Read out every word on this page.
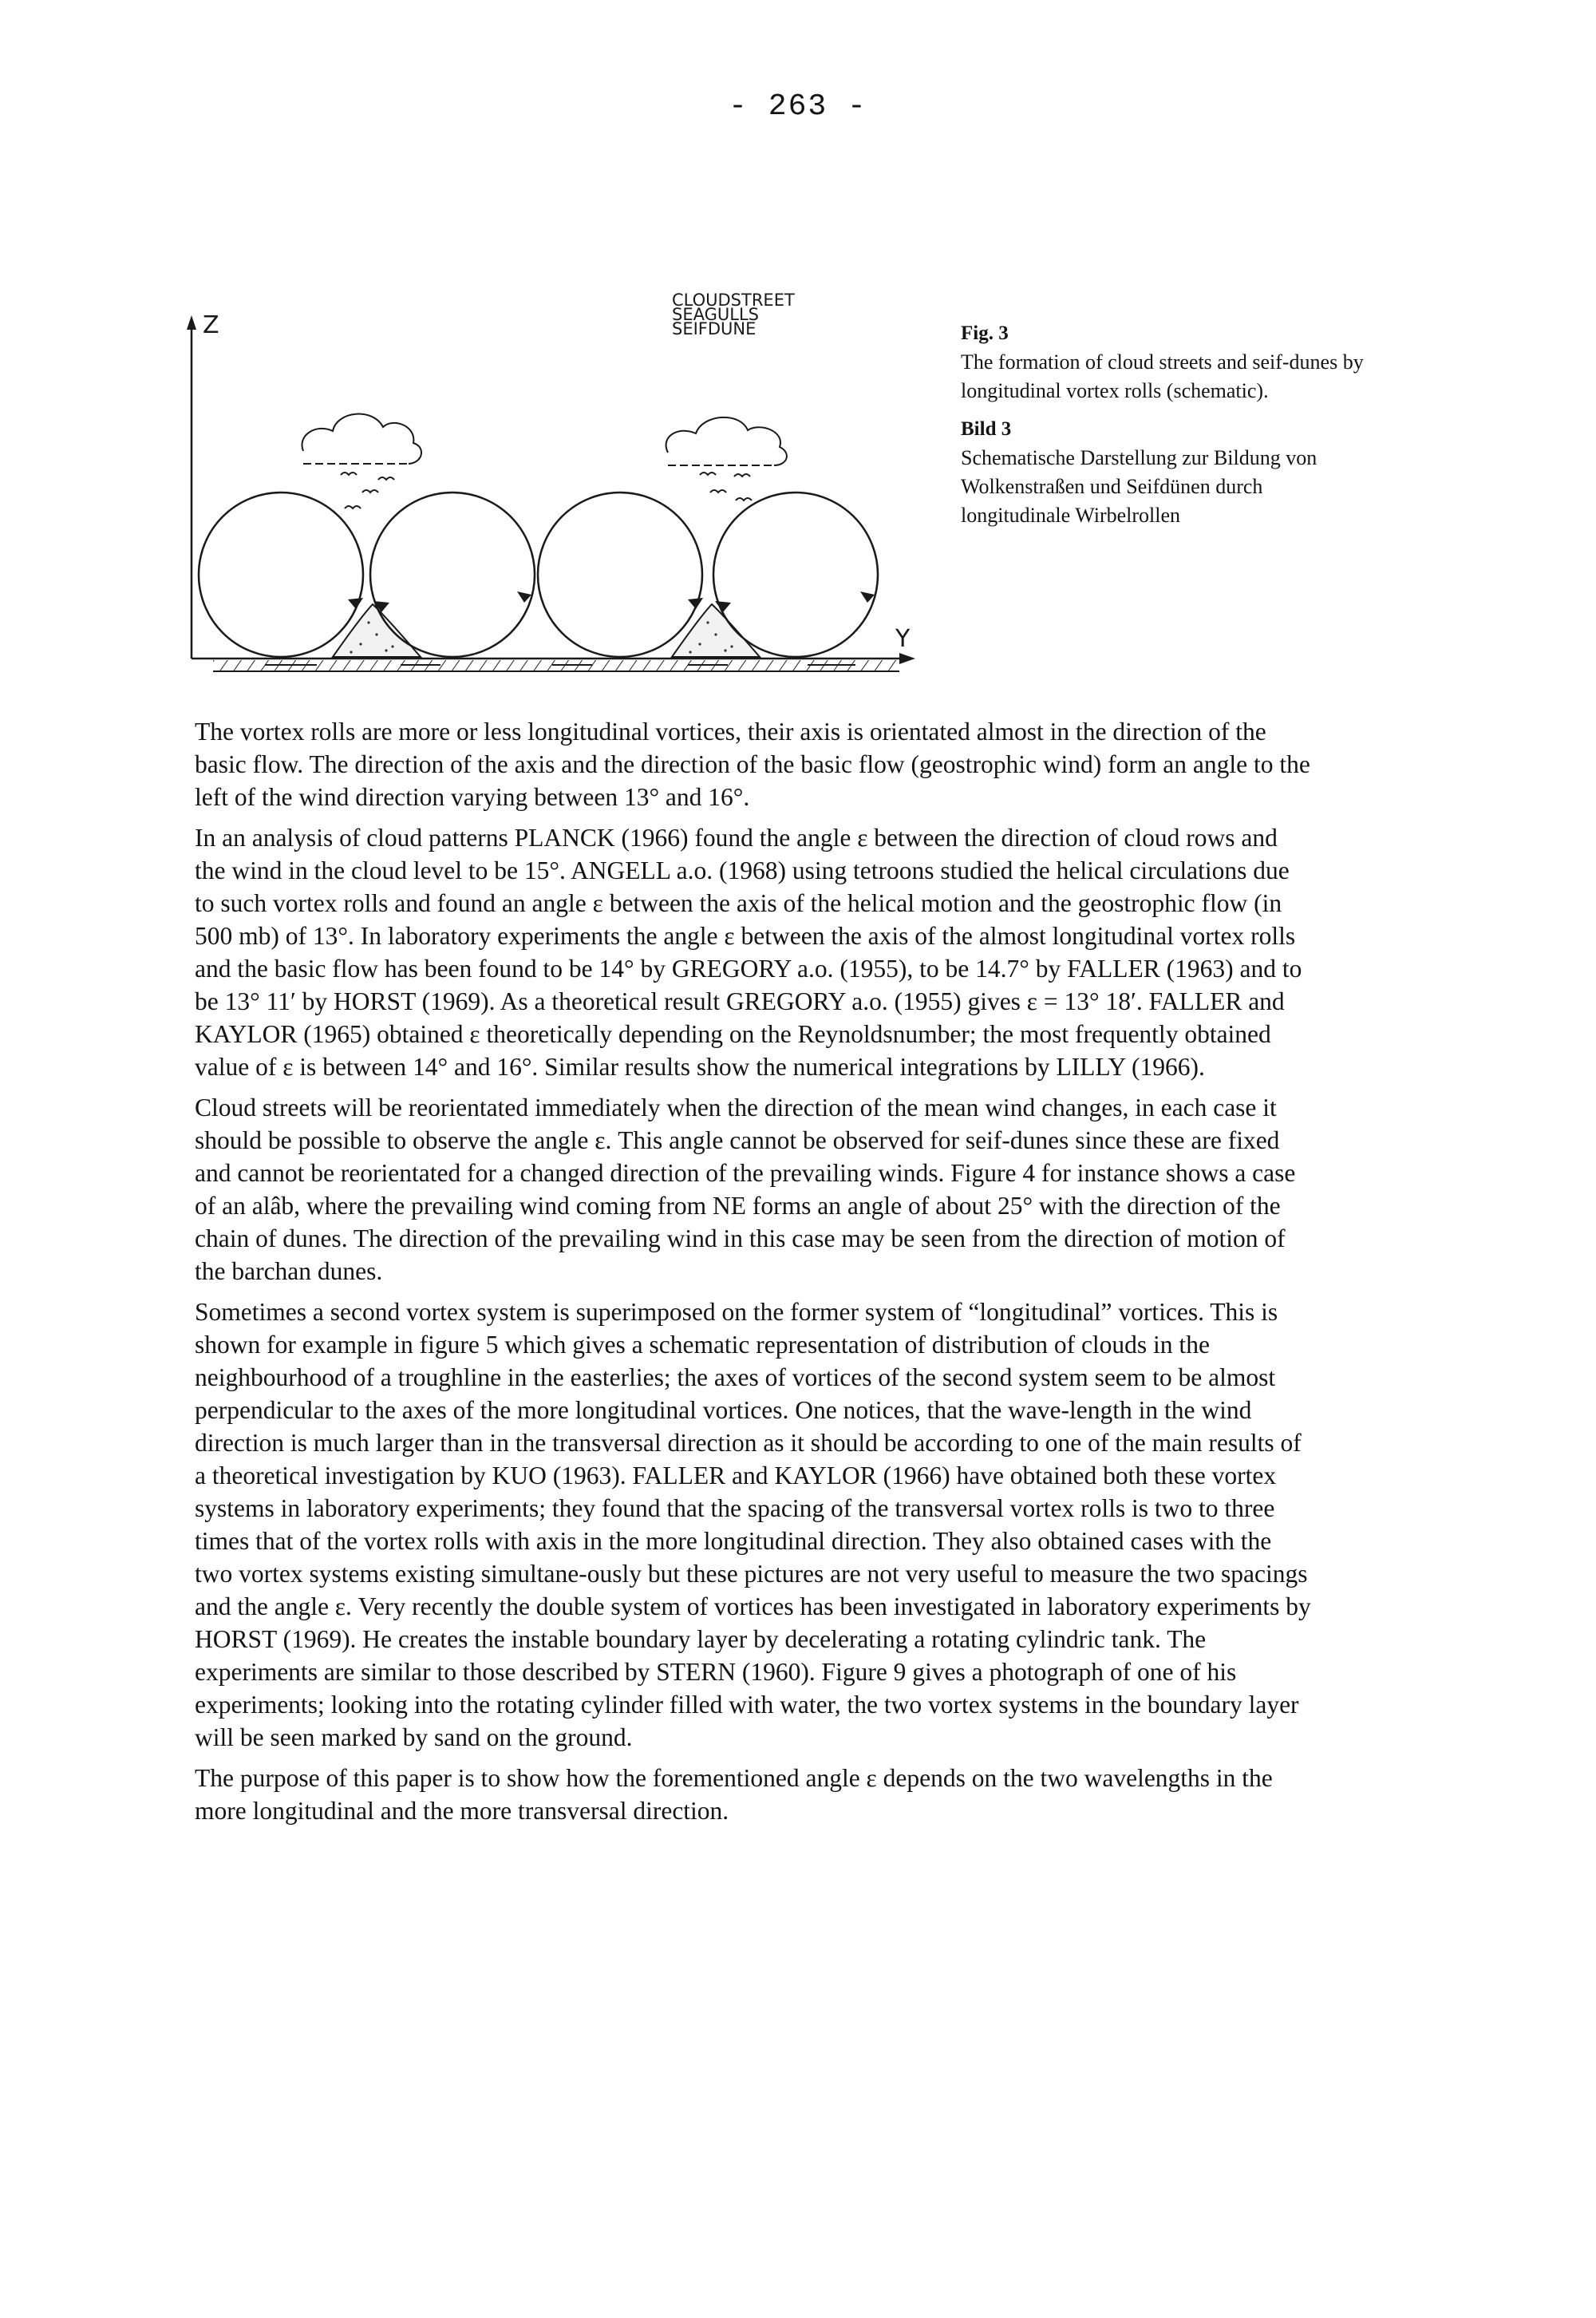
- 263 -
Z
Y
CLOUDSTREET
SEAGULLS
SEIFDUNE	Fig. 3

The formation of cloud streets and seif-dunes by longitudinal vortex rolls (schematic).

Bild 3

Schematische Darstellung zur Bildung von Wolkenstraßen und Seifdünen durch longitudinale Wirbelrollen

The vortex rolls are more or less longitudinal vortices, their axis is orientated almost in the direction of the basic flow. The direction of the axis and the direction of the basic flow (geostrophic wind) form an angle to the left of the wind direction varying between 13° and 16°.

In an analysis of cloud patterns PLANCK (1966) found the angle ε between the direction of cloud rows and the wind in the cloud level to be 15°. ANGELL a.o. (1968) using tetroons studied the helical circulations due to such vortex rolls and found an angle ε between the axis of the helical motion and the geostrophic flow (in 500 mb) of 13°. In laboratory experiments the angle ε between the axis of the almost longitudinal vortex rolls and the basic flow has been found to be 14° by GREGORY a.o. (1955), to be 14.7° by FALLER (1963) and to be 13° 11′ by HORST (1969). As a theoretical result GREGORY a.o. (1955) gives ε = 13° 18′. FALLER and KAYLOR (1965) obtained ε theoretically depending on the Reynoldsnumber; the most frequently obtained value of ε is between 14° and 16°. Similar results show the numerical integrations by LILLY (1966).

Cloud streets will be reorientated immediately when the direction of the mean wind changes, in each case it should be possible to observe the angle ε. This angle cannot be observed for seif-dunes since these are fixed and cannot be reorientated for a changed direction of the prevailing winds. Figure 4 for instance shows a case of an alâb, where the prevailing wind coming from NE forms an angle of about 25° with the direction of the chain of dunes. The direction of the prevailing wind in this case may be seen from the direction of motion of the barchan dunes.

Sometimes a second vortex system is superimposed on the former system of “longitudinal” vortices. This is shown for example in figure 5 which gives a schematic representation of distribution of clouds in the neighbourhood of a troughline in the easterlies; the axes of vortices of the second system seem to be almost perpendicular to the axes of the more longitudinal vortices. One notices, that the wave-length in the wind direction is much larger than in the transversal direction as it should be according to one of the main results of a theoretical investigation by KUO (1963). FALLER and KAYLOR (1966) have obtained both these vortex systems in laboratory experiments; they found that the spacing of the transversal vortex rolls is two to three times that of the vortex rolls with axis in the more longitudinal direction. They also obtained cases with the two vortex systems existing simultane-ously but these pictures are not very useful to measure the two spacings and the angle ε. Very recently the double system of vortices has been investigated in laboratory experiments by HORST (1969). He creates the instable boundary layer by decelerating a rotating cylindric tank. The experiments are similar to those described by STERN (1960). Figure 9 gives a photograph of one of his experiments; looking into the rotating cylinder filled with water, the two vortex systems in the boundary layer will be seen marked by sand on the ground.

The purpose of this paper is to show how the forementioned angle ε depends on the two wavelengths in the more longitudinal and the more transversal direction.
